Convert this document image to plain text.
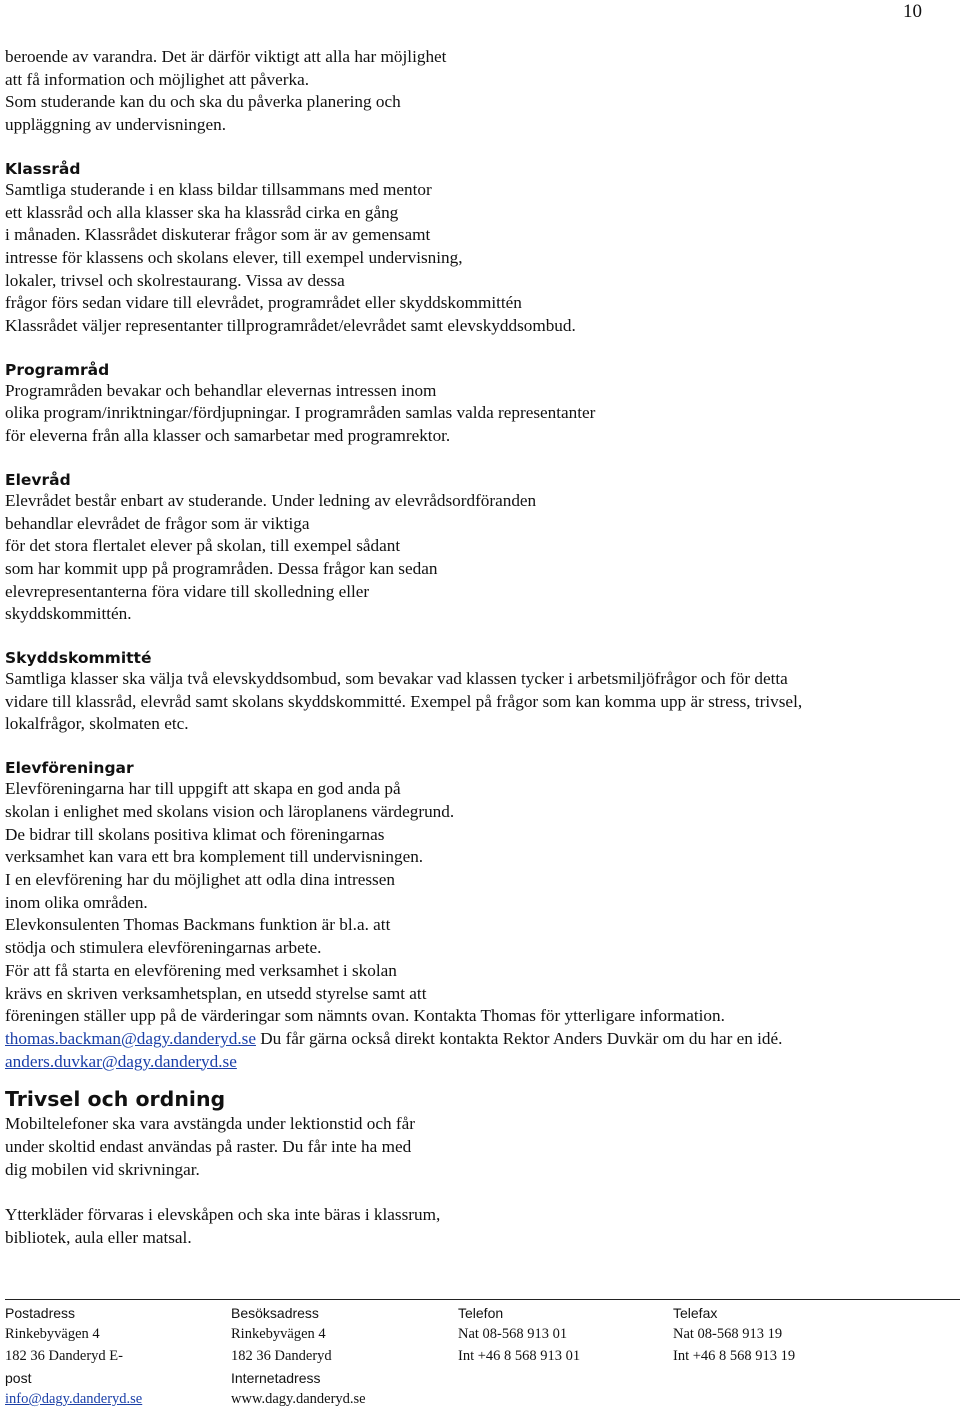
10
beroende av varandra. Det är därför viktigt att alla har möjlighet
att få information och möjlighet att påverka.
Som studerande kan du och ska du påverka planering och
uppläggning av undervisningen.
Klassråd
Samtliga studerande i en klass bildar tillsammans med mentor
ett klassråd och alla klasser ska ha klassråd cirka en gång
i månaden. Klassrådet diskuterar frågor som är av gemensamt
intresse för klassens och skolans elever, till exempel undervisning,
lokaler, trivsel och skolrestaurang. Vissa av dessa
frågor förs sedan vidare till elevrådet, programrådet eller skyddskommittén
Klassrådet väljer representanter tillprogramrådet/elevrådet samt elevskyddsombud.
Programråd
Programråden bevakar och behandlar elevernas intressen inom
olika program/inriktningar/fördjupningar. I programråden samlas valda representanter
för eleverna från alla klasser och samarbetar med programrektor.
Elevråd
Elevrådet består enbart av studerande. Under ledning av elevrådsordföranden
behandlar elevrådet de frågor som är viktiga
för det stora flertalet elever på skolan, till exempel sådant
som har kommit upp på programråden. Dessa frågor kan sedan
elevrepresentanterna föra vidare till skolledning eller
skyddskommittén.
Skyddskommitté
Samtliga klasser ska välja två elevskyddsombud, som bevakar vad klassen tycker i arbetsmiljöfrågor och för detta
vidare till klassråd, elevråd samt skolans skyddskommitté. Exempel på frågor som kan komma upp är stress, trivsel,
lokalfrågor, skolmaten etc.
Elevföreningar
Elevföreningarna har till uppgift att skapa en god anda på
skolan i enlighet med skolans vision och läroplanens värdegrund.
De bidrar till skolans positiva klimat och föreningarnas
verksamhet kan vara ett bra komplement till undervisningen.
I en elevförening har du möjlighet att odla dina intressen
inom olika områden.
Elevkonsulenten Thomas Backmans funktion är bl.a. att
stödja och stimulera elevföreningarnas arbete.
För att få starta en elevförening med verksamhet i skolan
krävs en skriven verksamhetsplan, en utsedd styrelse samt att
föreningen ställer upp på de värderingar som nämnts ovan. Kontakta Thomas för ytterligare information.
thomas.backman@dagy.danderyd.se Du får gärna också direkt kontakta Rektor Anders Duvkär om du har en idé.
anders.duvkar@dagy.danderyd.se
Trivsel och ordning
Mobiltelefoner ska vara avstängda under lektionstid och får
under skoltid endast användas på raster. Du får inte ha med
dig mobilen vid skrivningar.
Ytterkläder förvaras i elevskåpen och ska inte bäras i klassrum,
bibliotek, aula eller matsal.
Postadress
Rinkebyvägen 4
182 36 Danderyd E-
post
info@dagy.danderyd.se
Besöksadress
Rinkebyvägen 4
182 36 Danderyd
Internetadress
www.dagy.danderyd.se
Telefon
Nat 08-568 913 01
Int +46 8 568 913 01
Telefax
Nat 08-568 913 19
Int +46 8 568 913 19
